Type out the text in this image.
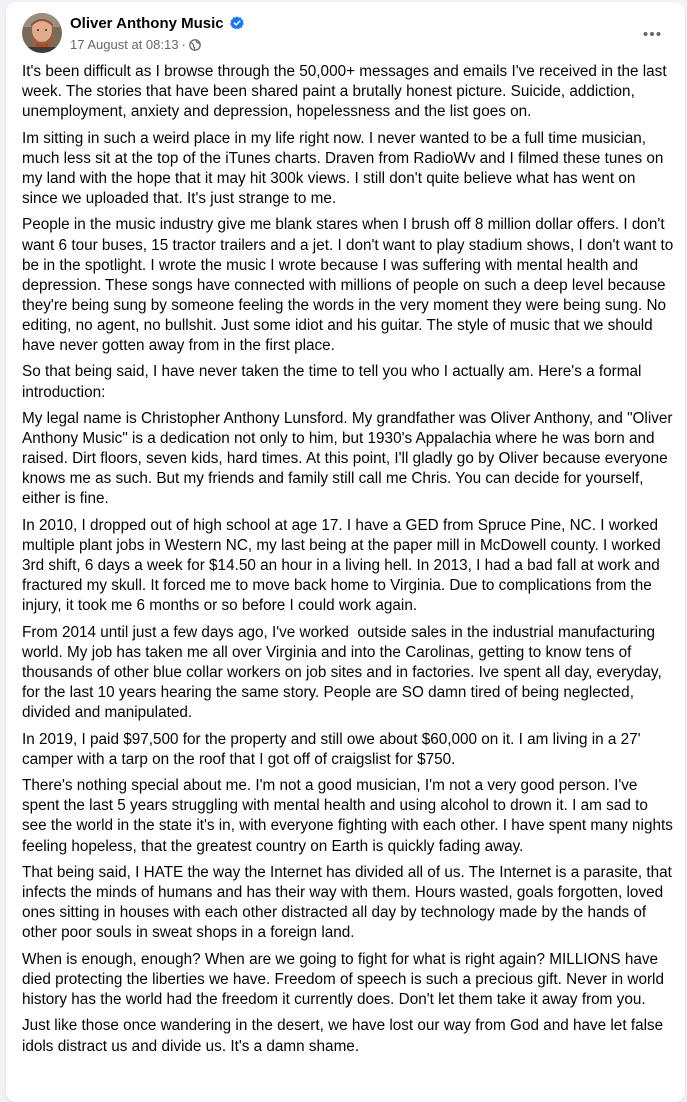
Oliver Anthony Music
17 August at 08:13 ·

It's been difficult as I browse through the 50,000+ messages and emails I've received in the last week. The stories that have been shared paint a brutally honest picture. Suicide, addiction, unemployment, anxiety and depression, hopelessness and the list goes on.

Im sitting in such a weird place in my life right now. I never wanted to be a full time musician, much less sit at the top of the iTunes charts. Draven from RadioWv and I filmed these tunes on my land with the hope that it may hit 300k views. I still don't quite believe what has went on since we uploaded that. It's just strange to me.

People in the music industry give me blank stares when I brush off 8 million dollar offers. I don't want 6 tour buses, 15 tractor trailers and a jet. I don't want to play stadium shows, I don't want to be in the spotlight. I wrote the music I wrote because I was suffering with mental health and depression. These songs have connected with millions of people on such a deep level because they're being sung by someone feeling the words in the very moment they were being sung. No editing, no agent, no bullshit. Just some idiot and his guitar. The style of music that we should have never gotten away from in the first place.

So that being said, I have never taken the time to tell you who I actually am. Here's a formal introduction:

My legal name is Christopher Anthony Lunsford. My grandfather was Oliver Anthony, and "Oliver Anthony Music" is a dedication not only to him, but 1930's Appalachia where he was born and raised. Dirt floors, seven kids, hard times. At this point, I'll gladly go by Oliver because everyone knows me as such. But my friends and family still call me Chris. You can decide for yourself, either is fine.

In 2010, I dropped out of high school at age 17. I have a GED from Spruce Pine, NC. I worked multiple plant jobs in Western NC, my last being at the paper mill in McDowell county. I worked 3rd shift, 6 days a week for $14.50 an hour in a living hell. In 2013, I had a bad fall at work and fractured my skull. It forced me to move back home to Virginia. Due to complications from the injury, it took me 6 months or so before I could work again.

From 2014 until just a few days ago, I've worked  outside sales in the industrial manufacturing world. My job has taken me all over Virginia and into the Carolinas, getting to know tens of thousands of other blue collar workers on job sites and in factories. Ive spent all day, everyday, for the last 10 years hearing the same story. People are SO damn tired of being neglected, divided and manipulated.

In 2019, I paid $97,500 for the property and still owe about $60,000 on it. I am living in a 27' camper with a tarp on the roof that I got off of craigslist for $750.

There's nothing special about me. I'm not a good musician, I'm not a very good person. I've spent the last 5 years struggling with mental health and using alcohol to drown it. I am sad to see the world in the state it's in, with everyone fighting with each other. I have spent many nights feeling hopeless, that the greatest country on Earth is quickly fading away.

That being said, I HATE the way the Internet has divided all of us. The Internet is a parasite, that infects the minds of humans and has their way with them. Hours wasted, goals forgotten, loved ones sitting in houses with each other distracted all day by technology made by the hands of other poor souls in sweat shops in a foreign land.

When is enough, enough? When are we going to fight for what is right again? MILLIONS have died protecting the liberties we have. Freedom of speech is such a precious gift. Never in world history has the world had the freedom it currently does. Don't let them take it away from you.

Just like those once wandering in the desert, we have lost our way from God and have let false idols distract us and divide us. It's a damn shame.
